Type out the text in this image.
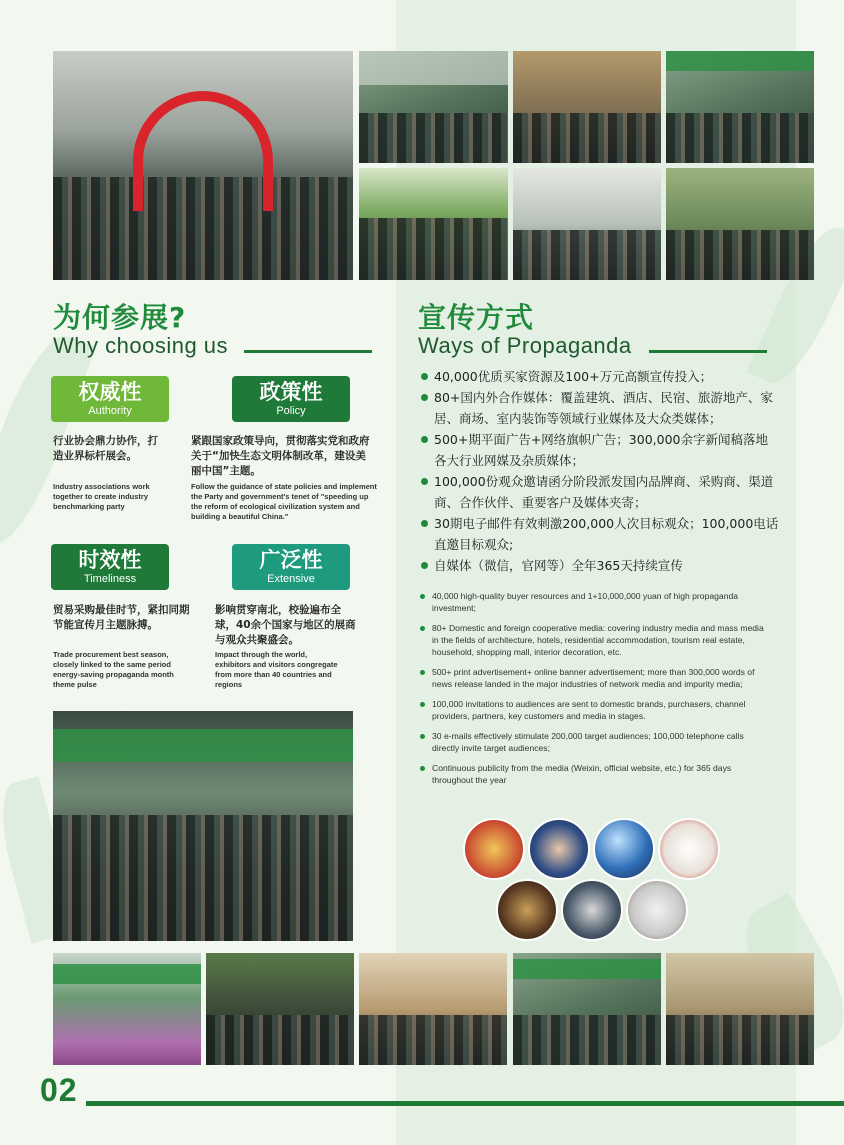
为何参展?
Why choosing us
权威性
Authority
政策性
Policy
行业协会鼎力协作，打造业界标杆展会。
Industry associations work together to create industry benchmarking party
紧跟国家政策导向，贯彻落实党和政府关于“加快生态文明体制改革，建设美丽中国”主题。
Follow the guidance of state policies and implement the Party and government's tenet of "speeding up the reform of ecological civilization system and building a beautiful China."
时效性
Timeliness
广泛性
Extensive
贸易采购最佳时节，紧扣同期节能宣传月主题脉搏。
Trade procurement best season, closely linked to the same period energy-saving propaganda month theme pulse
影响贯穿南北，校验遍布全球，40余个国家与地区的展商与观众共聚盛会。
Impact through the world, exhibitors and visitors congregate from more than 40 countries and regions
宣传方式
Ways of Propaganda
40,000优质买家资源及100+万元高额宣传投入；
80+国内外合作媒体：覆盖建筑、酒店、民宿、旅游地产、家居、商场、室内装饰等领域行业媒体及大众类媒体；
500+期平面广告+网络旗帜广告；300,000余字新闻稿落地各大行业网媒及杂质媒体；
100,000份观众邀请函分阶段派发国内品牌商、采购商、渠道商、合作伙伴、重要客户及媒体夹寄；
30期电子邮件有效刺激200,000人次目标观众；100,000电话直邀目标观众;
自媒体（微信，官网等）全年365天持续宣传
40,000 high-quality buyer resources and 1+10,000,000 yuan of high propaganda investment;
80+ Domestic and foreign cooperative media: covering industry media and mass media in the fields of architecture, hotels, residential accommodation, tourism real estate, household, shopping mall, interior decoration, etc.
500+ print advertisement+ online banner advertisement; more than 300,000 words of news release landed in the major industries of network media and impurity media;
100,000 invitations to audiences are sent to domestic brands, purchasers, channel providers, partners, key customers and media in stages.
30 e-mails effectively stimulate 200,000 target audiences; 100,000 telephone calls directly invite target audiences;
Continuous publicity from the media (Weixin, official website, etc.) for 365 days throughout the year
02
